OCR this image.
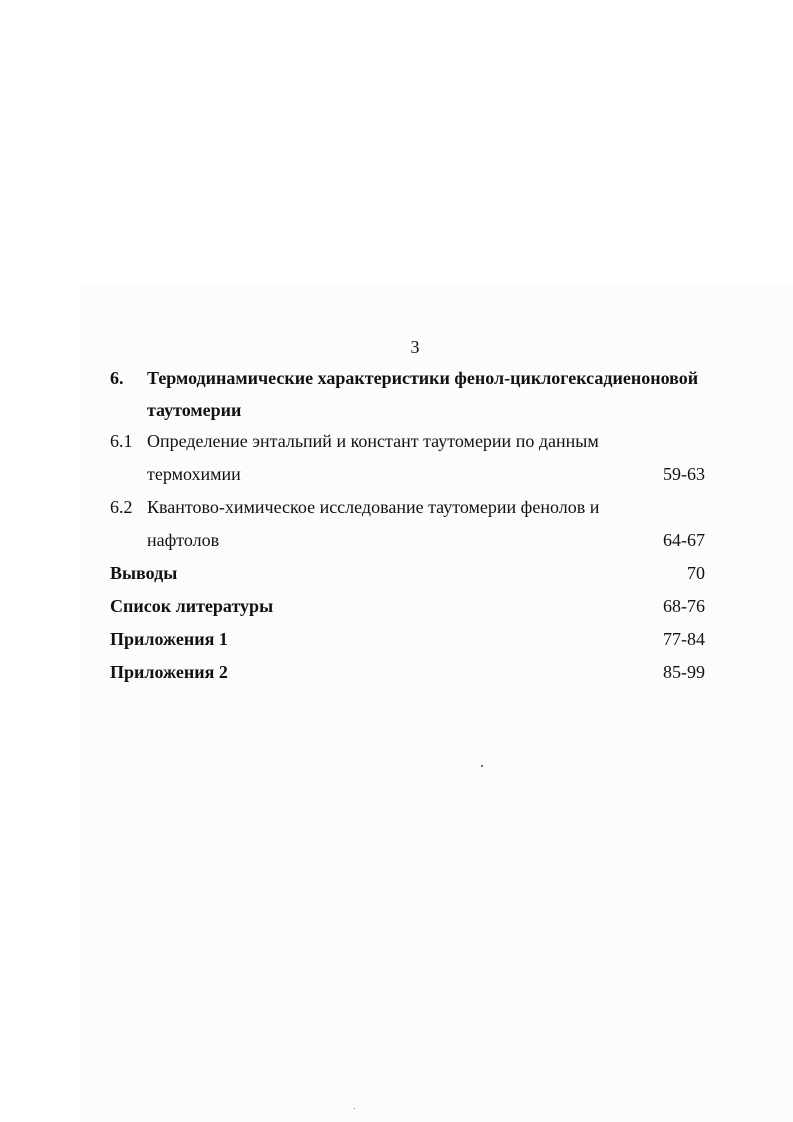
3
6. Термодинамические характеристики фенол-циклогексадиеноновой
таутомерии
6.1 Определение энтальпий и констант таутомерии по данным
термохимии	59-63
6.2 Квантово-химическое исследование таутомерии фенолов и
нафтолов	64-67
Выводы	70
Список литературы	68-76
Приложения 1	77-84
Приложения 2	85-99
